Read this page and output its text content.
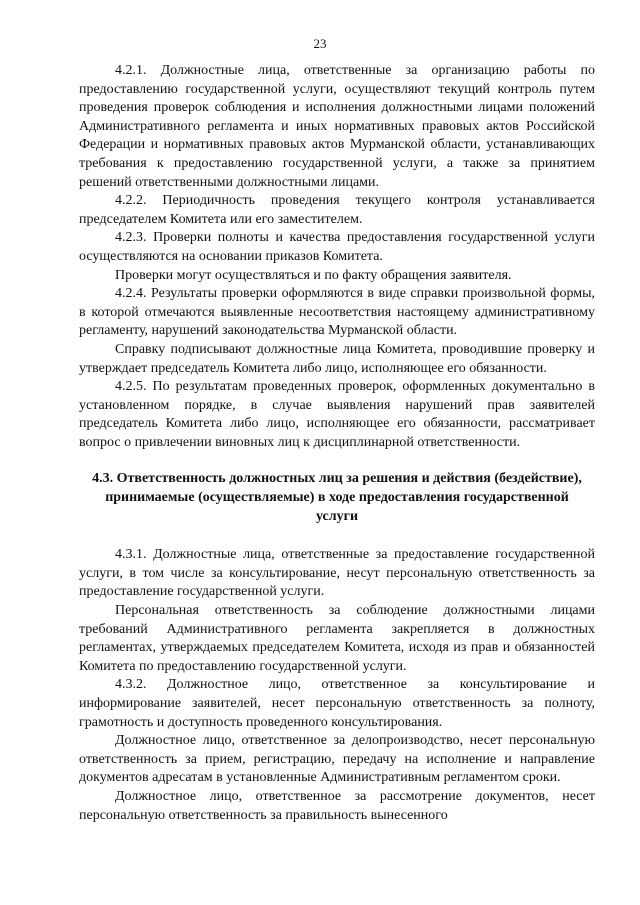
23

4.2.1. Должностные лица, ответственные за организацию работы по предоставлению государственной услуги, осуществляют текущий контроль путем проведения проверок соблюдения и исполнения должностными лицами положений Административного регламента и иных нормативных правовых актов Российской Федерации и нормативных правовых актов Мурманской области, устанавливающих требования к предоставлению государственной услуги, а также за принятием решений ответственными должностными лицами.

4.2.2. Периодичность проведения текущего контроля устанавливается председателем Комитета или его заместителем.

4.2.3. Проверки полноты и качества предоставления государственной услуги осуществляются на основании приказов Комитета.

Проверки могут осуществляться и по факту обращения заявителя.

4.2.4. Результаты проверки оформляются в виде справки произвольной формы, в которой отмечаются выявленные несоответствия настоящему административному регламенту, нарушений законодательства Мурманской области.

Справку подписывают должностные лица Комитета, проводившие проверку и утверждает председатель Комитета либо лицо, исполняющее его обязанности.

4.2.5. По результатам проведенных проверок, оформленных документально в установленном порядке, в случае выявления нарушений прав заявителей председатель Комитета либо лицо, исполняющее его обязанности, рассматривает вопрос о привлечении виновных лиц к дисциплинарной ответственности.

4.3. Ответственность должностных лиц за решения и действия (бездействие), принимаемые (осуществляемые) в ходе предоставления государственной услуги

4.3.1. Должностные лица, ответственные за предоставление государственной услуги, в том числе за консультирование, несут персональную ответственность за предоставление государственной услуги.

Персональная ответственность за соблюдение должностными лицами требований Административного регламента закрепляется в должностных регламентах, утверждаемых председателем Комитета, исходя из прав и обязанностей Комитета по предоставлению государственной услуги.

4.3.2. Должностное лицо, ответственное за консультирование и информирование заявителей, несет персональную ответственность за полноту, грамотность и доступность проведенного консультирования.

Должностное лицо, ответственное за делопроизводство, несет персональную ответственность за прием, регистрацию, передачу на исполнение и направление документов адресатам в установленные Административным регламентом сроки.

Должностное лицо, ответственное за рассмотрение документов, несет персональную ответственность за правильность вынесенного
